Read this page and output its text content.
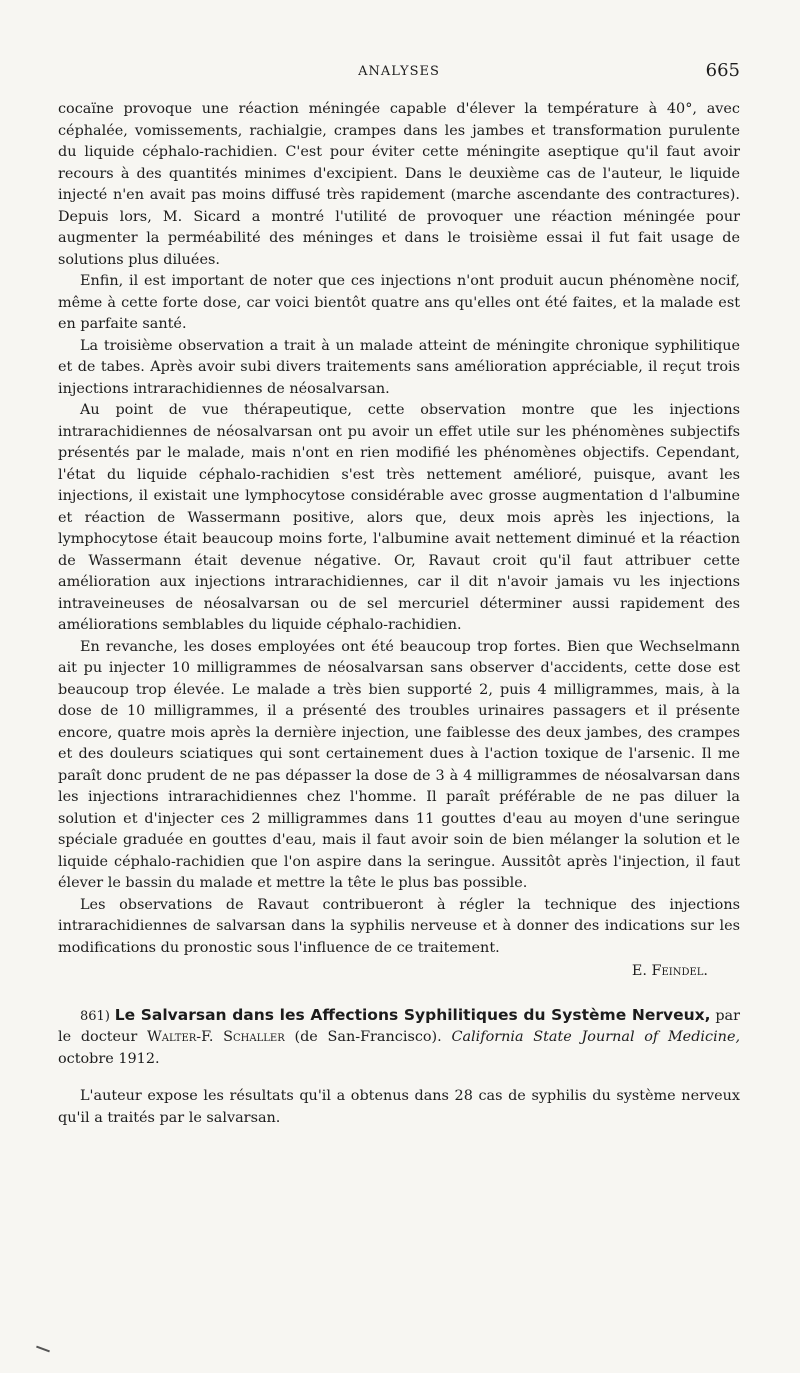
ANALYSES	665

cocaïne provoque une réaction méningée capable d'élever la température à 40°, avec céphalée, vomissements, rachialgie, crampes dans les jambes et transformation purulente du liquide céphalo-rachidien. C'est pour éviter cette méningite aseptique qu'il faut avoir recours à des quantités minimes d'excipient. Dans le deuxième cas de l'auteur, le liquide injecté n'en avait pas moins diffusé très rapidement (marche ascendante des contractures). Depuis lors, M. Sicard a montré l'utilité de provoquer une réaction méningée pour augmenter la perméabilité des méninges et dans le troisième essai il fut fait usage de solutions plus diluées.

Enfin, il est important de noter que ces injections n'ont produit aucun phénomène nocif, même à cette forte dose, car voici bientôt quatre ans qu'elles ont été faites, et la malade est en parfaite santé.

La troisième observation a trait à un malade atteint de méningite chronique syphilitique et de tabes. Après avoir subi divers traitements sans amélioration appréciable, il reçut trois injections intrarachidiennes de néosalvarsan.

Au point de vue thérapeutique, cette observation montre que les injections intrarachidiennes de néosalvarsan ont pu avoir un effet utile sur les phénomènes subjectifs présentés par le malade, mais n'ont en rien modifié les phénomènes objectifs. Cependant, l'état du liquide céphalo-rachidien s'est très nettement amélioré, puisque, avant les injections, il existait une lymphocytose considérable avec grosse augmentation d l'albumine et réaction de Wassermann positive, alors que, deux mois après les injections, la lymphocytose était beaucoup moins forte, l'albumine avait nettement diminué et la réaction de Wassermann était devenue négative. Or, Ravaut croit qu'il faut attribuer cette amélioration aux injections intrarachidiennes, car il dit n'avoir jamais vu les injections intraveineuses de néosalvarsan ou de sel mercuriel déterminer aussi rapidement des améliorations semblables du liquide céphalo-rachidien.

En revanche, les doses employées ont été beaucoup trop fortes. Bien que Wechselmann ait pu injecter 10 milligrammes de néosalvarsan sans observer d'accidents, cette dose est beaucoup trop élevée. Le malade a très bien supporté 2, puis 4 milligrammes, mais, à la dose de 10 milligrammes, il a présenté des troubles urinaires passagers et il présente encore, quatre mois après la dernière injection, une faiblesse des deux jambes, des crampes et des douleurs sciatiques qui sont certainement dues à l'action toxique de l'arsenic. Il me paraît donc prudent de ne pas dépasser la dose de 3 à 4 milligrammes de néosalvarsan dans les injections intrarachidiennes chez l'homme. Il paraît préférable de ne pas diluer la solution et d'injecter ces 2 milligrammes dans 11 gouttes d'eau au moyen d'une seringue spéciale graduée en gouttes d'eau, mais il faut avoir soin de bien mélanger la solution et le liquide céphalo-rachidien que l'on aspire dans la seringue. Aussitôt après l'injection, il faut élever le bassin du malade et mettre la tête le plus bas possible.

Les observations de Ravaut contribueront à régler la technique des injections intrarachidiennes de salvarsan dans la syphilis nerveuse et à donner des indications sur les modifications du pronostic sous l'influence de ce traitement.

E. Feindel.

861) Le Salvarsan dans les Affections Syphilitiques du Système Nerveux, par le docteur Walter-F. Schaller (de San-Francisco). California State Journal of Medicine, octobre 1912.

L'auteur expose les résultats qu'il a obtenus dans 28 cas de syphilis du système nerveux qu'il a traités par le salvarsan.
